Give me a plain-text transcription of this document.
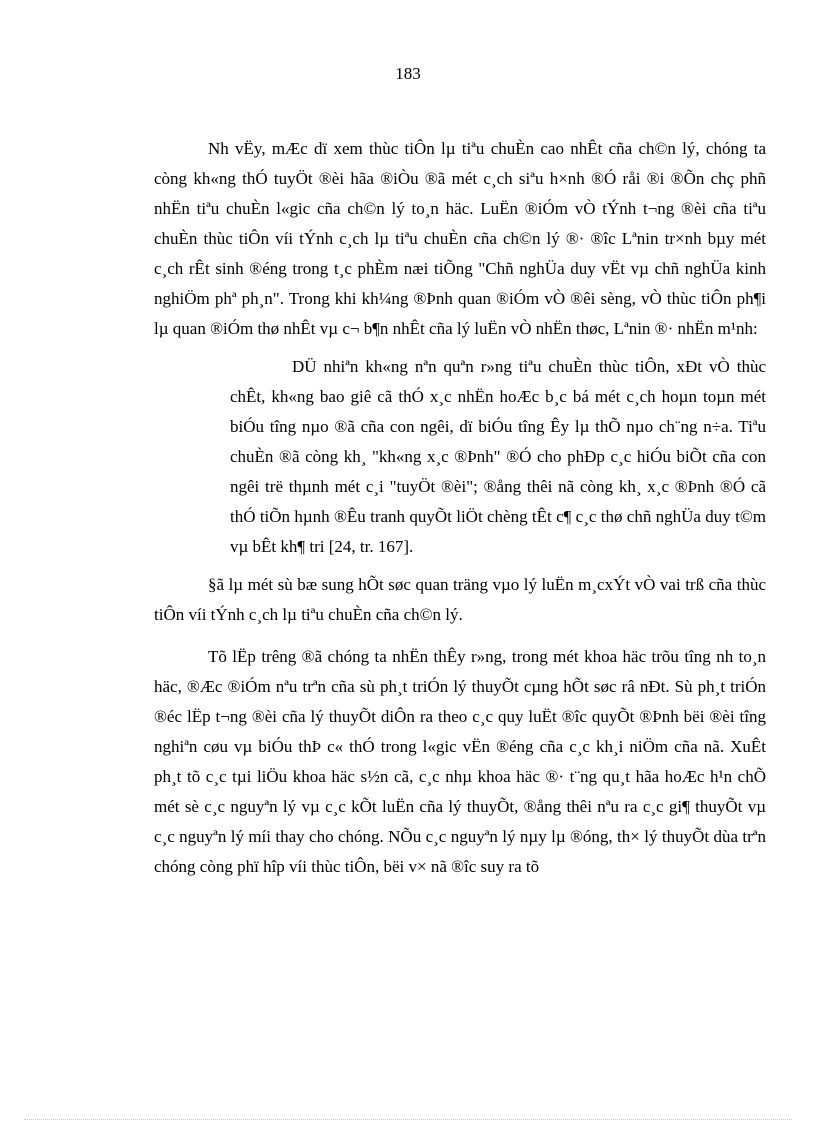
183

Nh vËy, mÆc dï xem thùc tiÔn lµ tiªu chuÈn cao nhÊt cña ch©n lý, chóng ta còng kh«ng thÓ tuyÖt ®èi hãa ®iÒu ®ã mét c¸ch siªu h×nh ®Ó råi ®i ®Õn chç phñ nhËn tiªu chuÈn l«gic cña ch©n lý to¸n häc. LuËn ®iÓm vÒ tÝnh t¬ng ®èi cña tiªu chuÈn thùc tiÔn víi tÝnh c¸ch lµ tiªu chuÈn cña ch©n lý ®· ®îc Lªnin tr×nh bµy mét c¸ch rÊt sinh ®éng trong t¸c phÈm næi tiÕng "Chñ nghÜa duy vËt vµ chñ nghÜa kinh nghiÖm phª ph¸n". Trong khi kh¼ng ®Þnh quan ®iÓm vÒ ®êi sèng, vÒ thùc tiÔn ph¶i lµ quan ®iÓm thø nhÊt vµ c¬ b¶n nhÊt cña lý luËn vÒ nhËn thøc, Lªnin ®· nhËn m¹nh:

DÜ nhiªn kh«ng nªn quªn r»ng tiªu chuÈn thùc tiÔn, xÐt vÒ thùc chÊt, kh«ng bao giê cã thÓ x¸c nhËn hoÆc b¸c bá mét c¸ch hoµn toµn mét biÓu tîng nµo ®ã cña con ngêi, dï biÓu tîng Êy lµ thÕ nµo ch¨ng n÷a. Tiªu chuÈn ®ã còng kh¸ "kh«ng x¸c ®Þnh" ®Ó cho phÐp c¸c hiÓu biÕt cña con ngêi trë thµnh mét c¸i "tuyÖt ®èi"; ®ång thêi nã còng kh¸ x¸c ®Þnh ®Ó cã thÓ tiÕn hµnh ®Êu tranh quyÕt liÖt chèng tÊt c¶ c¸c thø chñ nghÜa duy t©m vµ bÊt kh¶ tri [24, tr. 167].

§ã lµ mét sù bæ sung hÕt søc quan träng vµo lý luËn m¸cxÝt vÒ vai trß cña thùc tiÔn víi tÝnh c¸ch lµ tiªu chuÈn cña ch©n lý.

Tõ lËp trêng ®ã chóng ta nhËn thÊy r»ng, trong mét khoa häc trõu tîng nh to¸n häc, ®Æc ®iÓm nªu trªn cña sù ph¸t triÓn lý thuyÕt cµng hÕt søc râ nÐt. Sù ph¸t triÓn ®éc lËp t¬ng ®èi cña lý thuyÕt diÔn ra theo c¸c quy luËt ®îc quyÕt ®Þnh bëi ®èi tîng nghiªn cøu vµ biÓu thÞ c« thÓ trong l«gic vËn ®éng cña c¸c kh¸i niÖm cña nã. XuÊt ph¸t tõ c¸c tµi liÖu khoa häc s½n cã, c¸c nhµ khoa häc ®· t¨ng qu¸t hãa hoÆc h¹n chÕ mét sè c¸c nguyªn lý vµ c¸c kÕt luËn cña lý thuyÕt, ®ång thêi nªu ra c¸c gi¶ thuyÕt vµ c¸c nguyªn lý míi thay cho chóng. NÕu c¸c nguyªn lý nµy lµ ®óng, th× lý thuyÕt dùa trªn chóng còng phï hîp víi thùc tiÔn, bëi v× nã ®îc suy ra tõ
